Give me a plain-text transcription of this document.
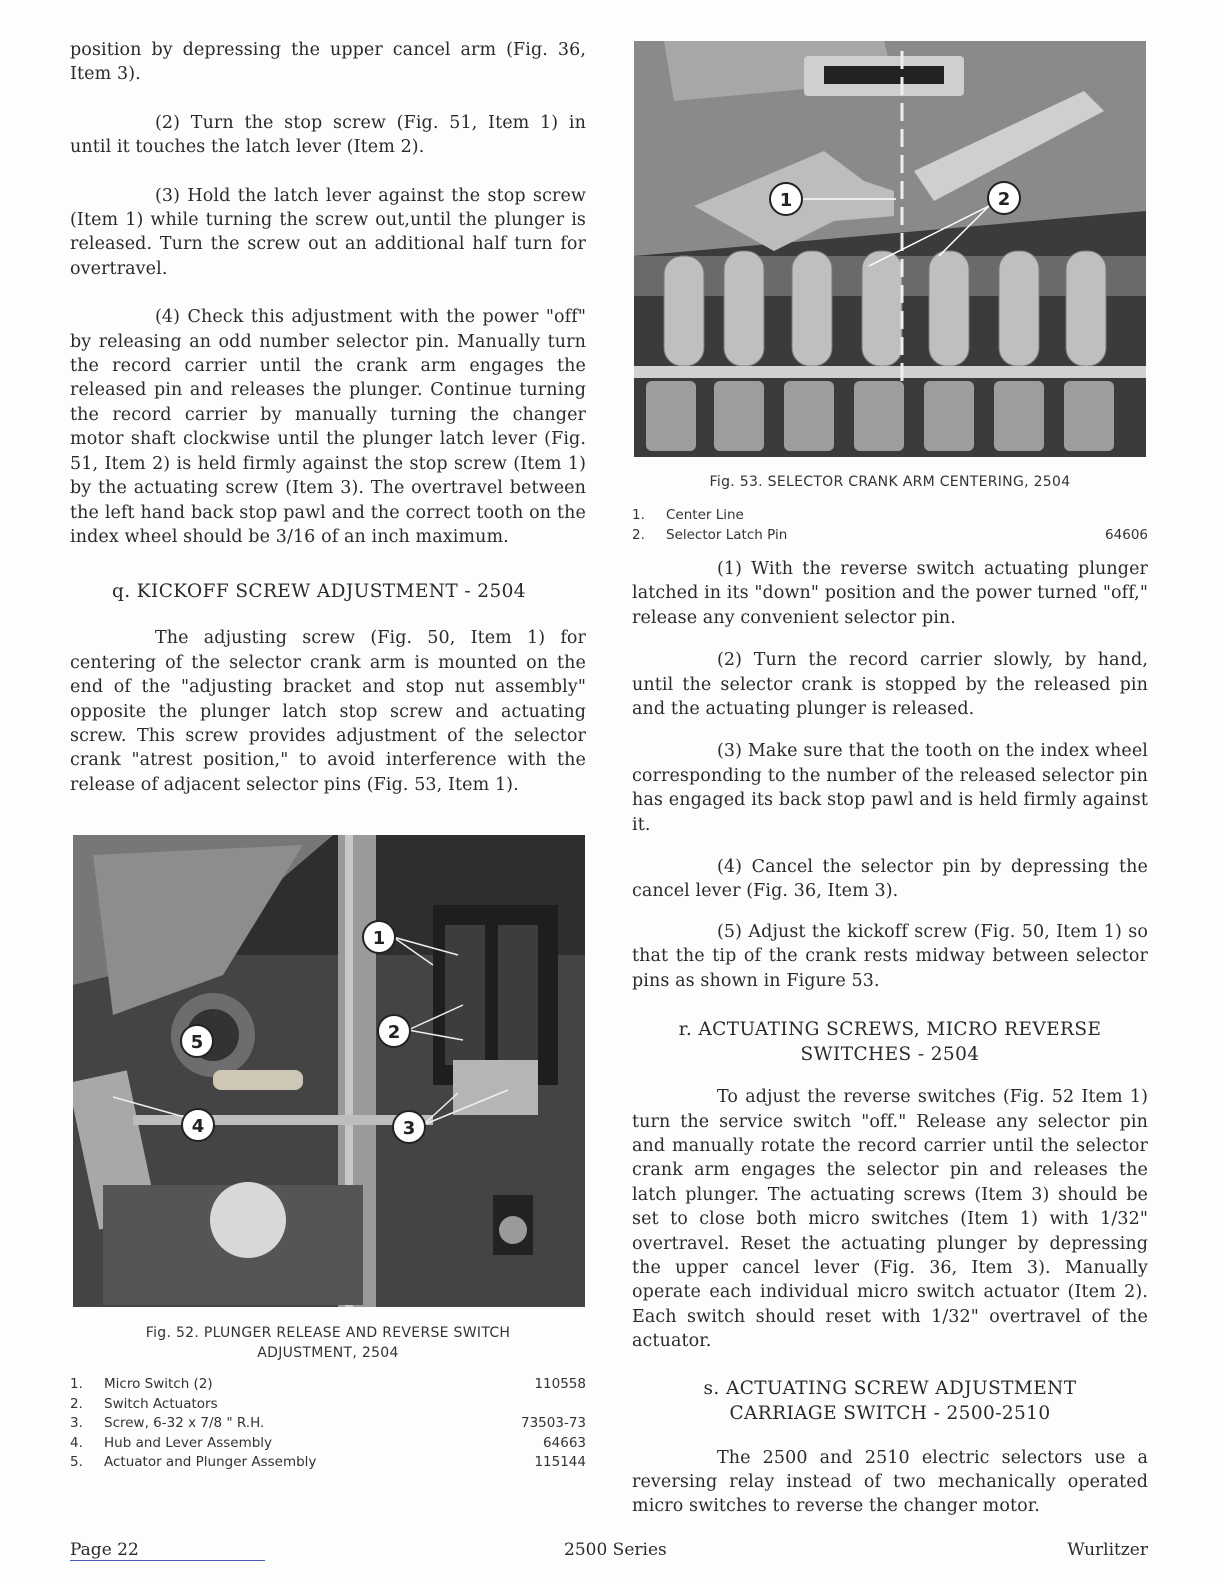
position by depressing the upper cancel arm (Fig. 36, Item 3).

(2) Turn the stop screw (Fig. 51, Item 1) in until it touches the latch lever (Item 2).

(3) Hold the latch lever against the stop screw (Item 1) while turning the screw out,until the plunger is released. Turn the screw out an additional half turn for overtravel.

(4) Check this adjustment with the power "off" by releasing an odd number selector pin. Manually turn the record carrier until the crank arm engages the released pin and releases the plunger. Continue turning the record carrier by manually turning the changer motor shaft clockwise until the plunger latch lever (Fig. 51, Item 2) is held firmly against the stop screw (Item 1) by the actuating screw (Item 3). The overtravel between the left hand back stop pawl and the correct tooth on the index wheel should be 3/16 of an inch maximum.

q. KICKOFF SCREW ADJUSTMENT - 2504

The adjusting screw (Fig. 50, Item 1) for centering of the selector crank arm is mounted on the end of the "adjusting bracket and stop nut assembly" opposite the plunger latch stop screw and actuating screw. This screw provides adjustment of the selector crank "atrest position," to avoid interference with the release of adjacent selector pins (Fig. 53, Item 1).

1
2
3
4
5
Fig. 52. PLUNGER RELEASE AND REVERSE SWITCH
ADJUSTMENT, 2504
1.	Micro Switch (2)	110558
2.	Switch Actuators
3.	Screw, 6-32 x 7/8 " R.H.	73503-73
4.	Hub and Lever Assembly	64663
5.	Actuator and Plunger Assembly	115144
1	2
Fig. 53. SELECTOR CRANK ARM CENTERING, 2504
1.	Center Line
2.	Selector Latch Pin	64606

(1) With the reverse switch actuating plunger latched in its "down" position and the power turned "off," release any convenient selector pin.

(2) Turn the record carrier slowly, by hand, until the selector crank is stopped by the released pin and the actuating plunger is released.

(3) Make sure that the tooth on the index wheel corresponding to the number of the released selector pin has engaged its back stop pawl and is held firmly against it.

(4) Cancel the selector pin by depressing the cancel lever (Fig. 36, Item 3).

(5) Adjust the kickoff screw (Fig. 50, Item 1) so that the tip of the crank rests midway between selector pins as shown in Figure 53.

r. ACTUATING SCREWS, MICRO REVERSE
SWITCHES - 2504

To adjust the reverse switches (Fig. 52 Item 1) turn the service switch "off." Release any selector pin and manually rotate the record carrier until the selector crank arm engages the selector pin and releases the latch plunger. The actuating screws (Item 3) should be set to close both micro switches (Item 1) with 1/32" overtravel. Reset the actuating plunger by depressing the upper cancel lever (Fig. 36, Item 3). Manually operate each individual micro switch actuator (Item 2). Each switch should reset with 1/32" overtravel of the actuator.

s. ACTUATING SCREW ADJUSTMENT
CARRIAGE SWITCH - 2500-2510

The 2500 and 2510 electric selectors use a reversing relay instead of two mechanically operated micro switches to reverse the changer motor.

Page 22	2500 Series	Wurlitzer
